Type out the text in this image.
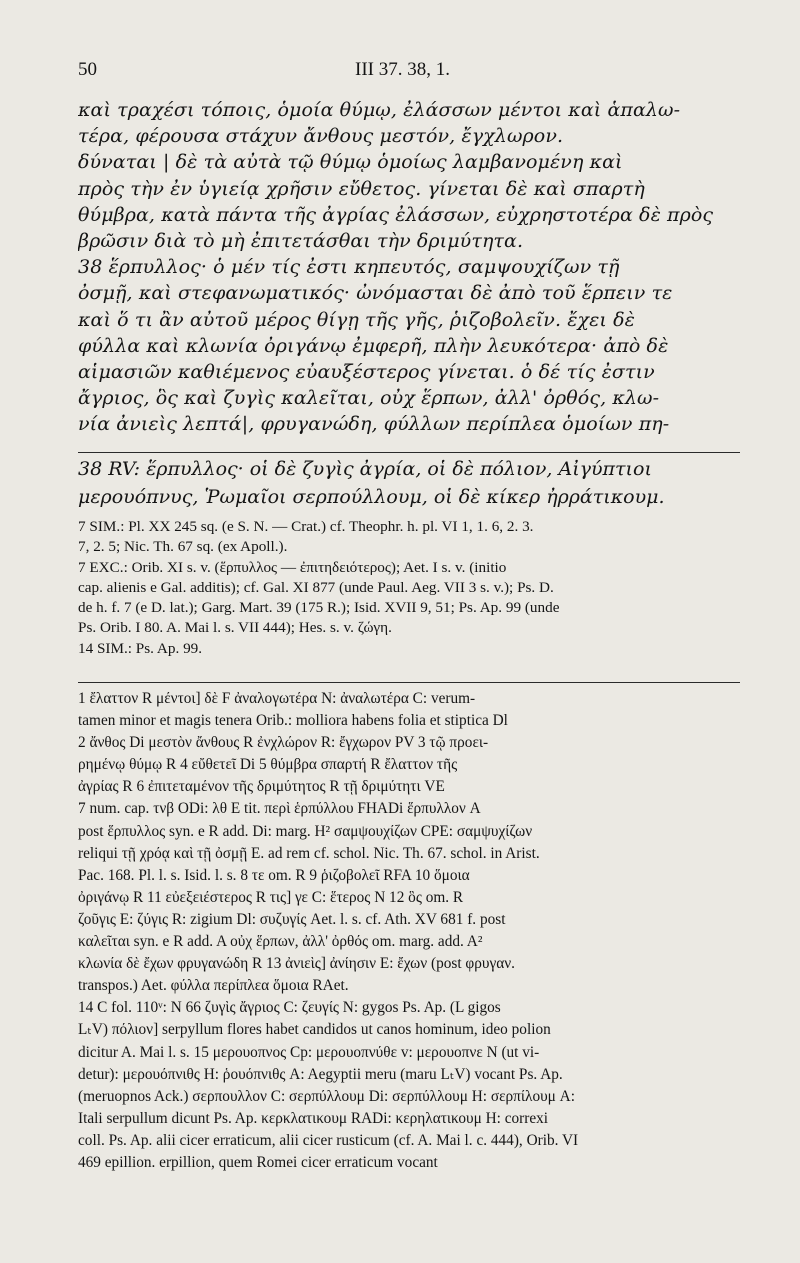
50	III 37. 38, 1.
καὶ τραχέσι τόποις, ὁμοία θύμῳ, ἐλάσσων μέντοι καὶ ἁπαλω-
τέρα, φέρουσα στάχυν ἄνθους μεστόν, ἔγχλωρον.
δύναται | δὲ τὰ αὐτὰ τῷ θύμῳ ὁμοίως λαμβανομένη καὶ
πρὸς τὴν ἐν ὑγιείᾳ χρῆσιν εὔθετος. γίνεται δὲ καὶ σπαρτὴ
θύμβρα, κατὰ πάντα τῆς ἀγρίας ἐλάσσων, εὐχρηστοτέρα δὲ πρὸς
βρῶσιν διὰ τὸ μὴ ἐπιτετάσθαι τὴν δριμύτητα.
38 ἕρπυλλος· ὁ μέν τίς ἐστι κηπευτός, σαμψουχίζων τῇ
ὀσμῇ, καὶ στεφανωματικός· ὠνόμασται δὲ ἀπὸ τοῦ ἕρπειν τε
καὶ ὅ τι ἂν αὐτοῦ μέρος θίγῃ τῆς γῆς, ῥιζοβολεῖν. ἔχει δὲ
φύλλα καὶ κλωνία ὀριγάνῳ ἐμφερῆ, πλὴν λευκότερα· ἀπὸ δὲ
αἱμασιῶν καθιέμενος εὐαυξέστερος γίνεται. ὁ δέ τίς ἐστιν
ἄγριος, ὃς καὶ ζυγὶς καλεῖται, οὐχ ἕρπων, ἀλλ' ὀρθός, κλω-
νία ἀνιεὶς λεπτά|, φρυγανώδη, φύλλων περίπλεα ὁμοίων πη-
38 RV: ἕρπυλλος· οἱ δὲ ζυγὶς ἀγρία, οἱ δὲ πόλιον, Αἰγύπτιοι
μερουόπνυς, Ῥωμαῖοι σερπούλλουμ, οἱ δὲ κίκερ ἠρράτικουμ.
7 SIM.: Pl. XX 245 sq. (e S. N. — Crat.) cf. Theophr. h. pl. VI 1, 1. 6, 2. 3.
7, 2. 5; Nic. Th. 67 sq. (ex Apoll.).
7 EXC.: Orib. XI s. v. (ἕρπυλλος — ἐπιτηδειότερος); Aet. I s. v. (initio
cap. alienis e Gal. additis); cf. Gal. XI 877 (unde Paul. Aeg. VII 3 s. v.); Ps. D.
de h. f. 7 (e D. lat.); Garg. Mart. 39 (175 R.); Isid. XVII 9, 51; Ps. Ap. 99 (unde
Ps. Orib. I 80. A. Mai l. s. VII 444); Hes. s. v. ζώγη.
14 SIM.: Ps. Ap. 99.
1 ἔλαττον R μέντοι] δὲ F ἀναλογωτέρα N: ἀναλωτέρα C: verum-
tamen minor et magis tenera Orib.: molliora habens folia et stiptica Dl
2 ἄνθος Di μεστὸν ἄνθους R ἐνχλώρον R: ἔγχωρον PV 3 τῷ προει-
ρημένῳ θύμῳ R 4 εὔθετεῖ Di 5 θύμβρα σπαρτή R ἔλαττον τῆς
ἀγρίας R 6 ἐπιτεταμένον τῆς δριμύτητος R τῇ δριμύτητι VE
7 num. cap. τνβ ODi: λθ E tit. περὶ ἑρπύλλου FHADi ἕρπυλλον A
post ἕρπυλλος syn. e R add. Di: marg. H² σαμψουχίζων CPE: σαμψυχίζων
reliqui τῇ χρόᾳ καὶ τῇ ὀσμῇ E. ad rem cf. schol. Nic. Th. 67. schol. in Arist.
Pac. 168. Pl. l. s. Isid. l. s. 8 τε om. R 9 ῥιζοβολεῖ RFA 10 ὅμοια
ὀριγάνῳ R 11 εὐεξειέστερος R τις] γε C: ἕτερος N 12 ὃς om. R
ζοῦγις E: ζύγις R: zigium Dl: συζυγίς Aet. l. s. cf. Ath. XV 681 f. post
καλεῖται syn. e R add. A οὐχ ἕρπων, ἀλλ' ὀρθός om. marg. add. A²
κλωνία δὲ ἔχων φρυγανώδη R 13 ἀνιεὶς] ἀνίησιν E: ἔχων (post φρυγαν.
transpos.) Aet. φύλλα περίπλεα ὅμοια RAet.
14 C fol. 110ᵛ: N 66 ζυγὶς ἄγριος C: ζευγίς N: gygos Ps. Ap. (L gigos
LₜV) πόλιον] serpyllum flores habet candidos ut canos hominum, ideo polion
dicitur A. Mai l. s. 15 μερουοπνος Cp: μερουοπνύθε v: μερουοπνε N (ut vi-
detur): μερουόπνιθς H: ῥουόπνιθς A: Aegyptii meru (maru LₜV) vocant Ps. Ap.
(meruopnos Ack.) σερπουλλον C: σερπύλλουμ Di: σερπύλλουμ H: σερπίλουμ A:
Itali serpullum dicunt Ps. Ap. κερκλατικουμ RADi: κερηλατικουμ H: correxi
coll. Ps. Ap. alii cicer erraticum, alii cicer rusticum (cf. A. Mai l. c. 444), Orib. VI
469 epillion. erpillion, quem Romei cicer erraticum vocant
